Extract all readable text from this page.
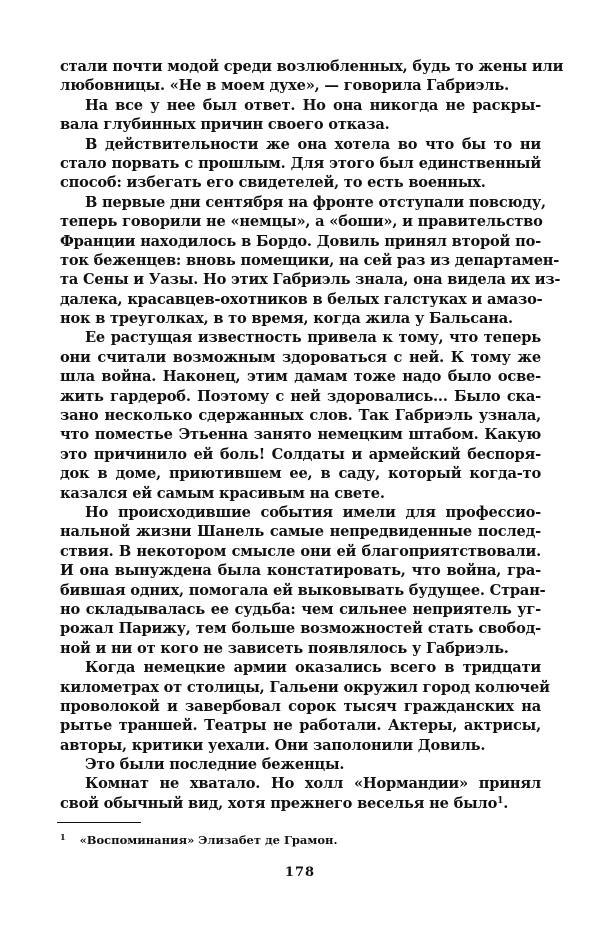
стали почти модой среди возлюбленных, будь то жены или
любовницы. «Не в моем духе», — говорила Габриэль.
На все у нее был ответ. Но она никогда не раскры-
вала глубинных причин своего отказа.
В действительности же она хотела во что бы то ни
стало порвать с прошлым. Для этого был единственный
способ: избегать его свидетелей, то есть военных.
В первые дни сентября на фронте отступали повсюду,
теперь говорили не «немцы», а «боши», и правительство
Франции находилось в Бордо. Довиль принял второй по-
ток беженцев: вновь помещики, на сей раз из департамен-
та Сены и Уазы. Но этих Габриэль знала, она видела их из-
далека, красавцев-охотников в белых галстуках и амазо-
нок в треуголках, в то время, когда жила у Бальсана.
Ее растущая известность привела к тому, что теперь
они считали возможным здороваться с ней. К тому же
шла война. Наконец, этим дамам тоже надо было осве-
жить гардероб. Поэтому с ней здоровались... Было ска-
зано несколько сдержанных слов. Так Габриэль узнала,
что поместье Этьенна занято немецким штабом. Какую
это причинило ей боль! Солдаты и армейский беспоря-
док в доме, приютившем ее, в саду, который когда-то
казался ей самым красивым на свете.
Но происходившие события имели для профессио-
нальной жизни Шанель самые непредвиденные послед-
ствия. В некотором смысле они ей благоприятствовали.
И она вынуждена была констатировать, что война, гра-
бившая одних, помогала ей выковывать будущее. Стран-
но складывалась ее судьба: чем сильнее неприятель уг-
рожал Парижу, тем больше возможностей стать свобод-
ной и ни от кого не зависеть появлялось у Габриэль.
Когда немецкие армии оказались всего в тридцати
километрах от столицы, Гальени окружил город колючей
проволокой и завербовал сорок тысяч гражданских на
рытье траншей. Театры не работали. Актеры, актрисы,
авторы, критики уехали. Они заполонили Довиль.
Это были последние беженцы.
Комнат не хватало. Но холл «Нормандии» принял
свой обычный вид, хотя прежнего веселья не было$^1$.
$^1$ «Воспоминания» Элизабет де Грамон.
178
